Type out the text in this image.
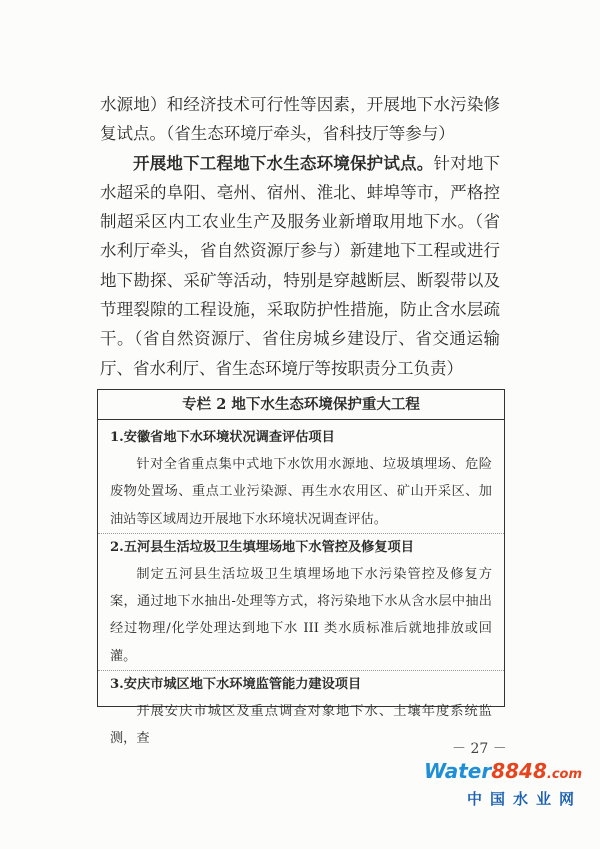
水源地）和经济技术可行性等因素，开展地下水污染修复试点。（省生态环境厅牵头，省科技厅等参与）

开展地下工程地下水生态环境保护试点。针对地下水超采的阜阳、亳州、宿州、淮北、蚌埠等市，严格控制超采区内工农业生产及服务业新增取用地下水。（省水利厅牵头，省自然资源厅参与）新建地下工程或进行地下勘探、采矿等活动，特别是穿越断层、断裂带以及节理裂隙的工程设施，采取防护性措施，防止含水层疏干。（省自然资源厅、省住房城乡建设厅、省交通运输厅、省水利厅、省生态环境厅等按职责分工负责）

专栏 2 地下水生态环境保护重大工程
1.安徽省地下水环境状况调查评估项目
针对全省重点集中式地下水饮用水源地、垃圾填埋场、危险废物处置场、重点工业污染源、再生水农用区、矿山开采区、加油站等区域周边开展地下水环境状况调查评估。
2.五河县生活垃圾卫生填埋场地下水管控及修复项目
制定五河县生活垃圾卫生填埋场地下水污染管控及修复方案，通过地下水抽出-处理等方式，将污染地下水从含水层中抽出经过物理/化学处理达到地下水 III 类水质标准后就地排放或回灌。
3.安庆市城区地下水环境监管能力建设项目
开展安庆市城区及重点调查对象地下水、土壤年度系统监测，查
－ 27 －
Water8848.com
中国水业网
